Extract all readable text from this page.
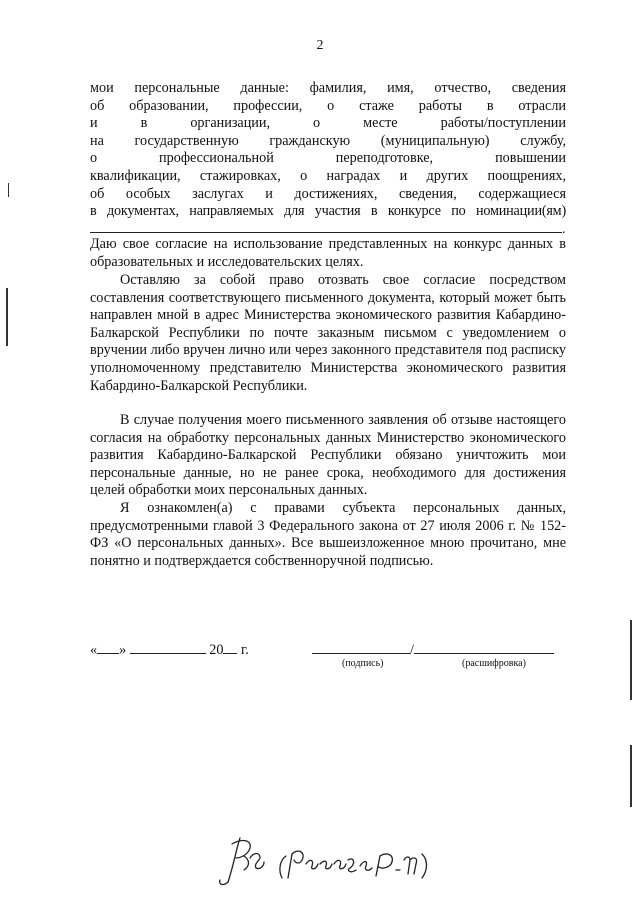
2

мои персональные данные: фамилия, имя, отчество, сведения

об образовании, профессии, о стаже работы в отрасли

и в организации, о месте работы/поступлении

на государственную гражданскую (муниципальную) службу,

о профессиональной переподготовке, повышении

квалификации, стажировках, о наградах и других поощрениях,

об особых заслугах и достижениях, сведения, содержащиеся

в документах, направляемых для участия в конкурсе по номинации(ям)

.

Даю свое согласие на использование представленных на конкурс данных в образовательных и исследовательских целях.

Оставляю за собой право отозвать свое согласие посредством составления соответствующего письменного документа, который может быть направлен мной в адрес Министерства экономического развития Кабардино-Балкарской Республики по почте заказным письмом с уведомлением о вручении либо вручен лично или через законного представителя под расписку уполномоченному представителю Министерства экономического развития Кабардино-Балкарской Республики.

В случае получения моего письменного заявления об отзыве настоящего согласия на обработку персональных данных Министерство экономического развития Кабардино-Балкарской Республики обязано уничтожить мои персональные данные, но не ранее срока, необходимого для достижения целей обработки моих персональных данных.

Я ознакомлен(а) с правами субъекта персональных данных, предусмотренными главой 3 Федерального закона от 27 июля 2006 г. № 152-ФЗ «О персональных данных». Все вышеизложенное мною прочитано, мне понятно и подтверждается собственноручной подписью.

« »	20 г.	/
(подпись)	(расшифровка)
